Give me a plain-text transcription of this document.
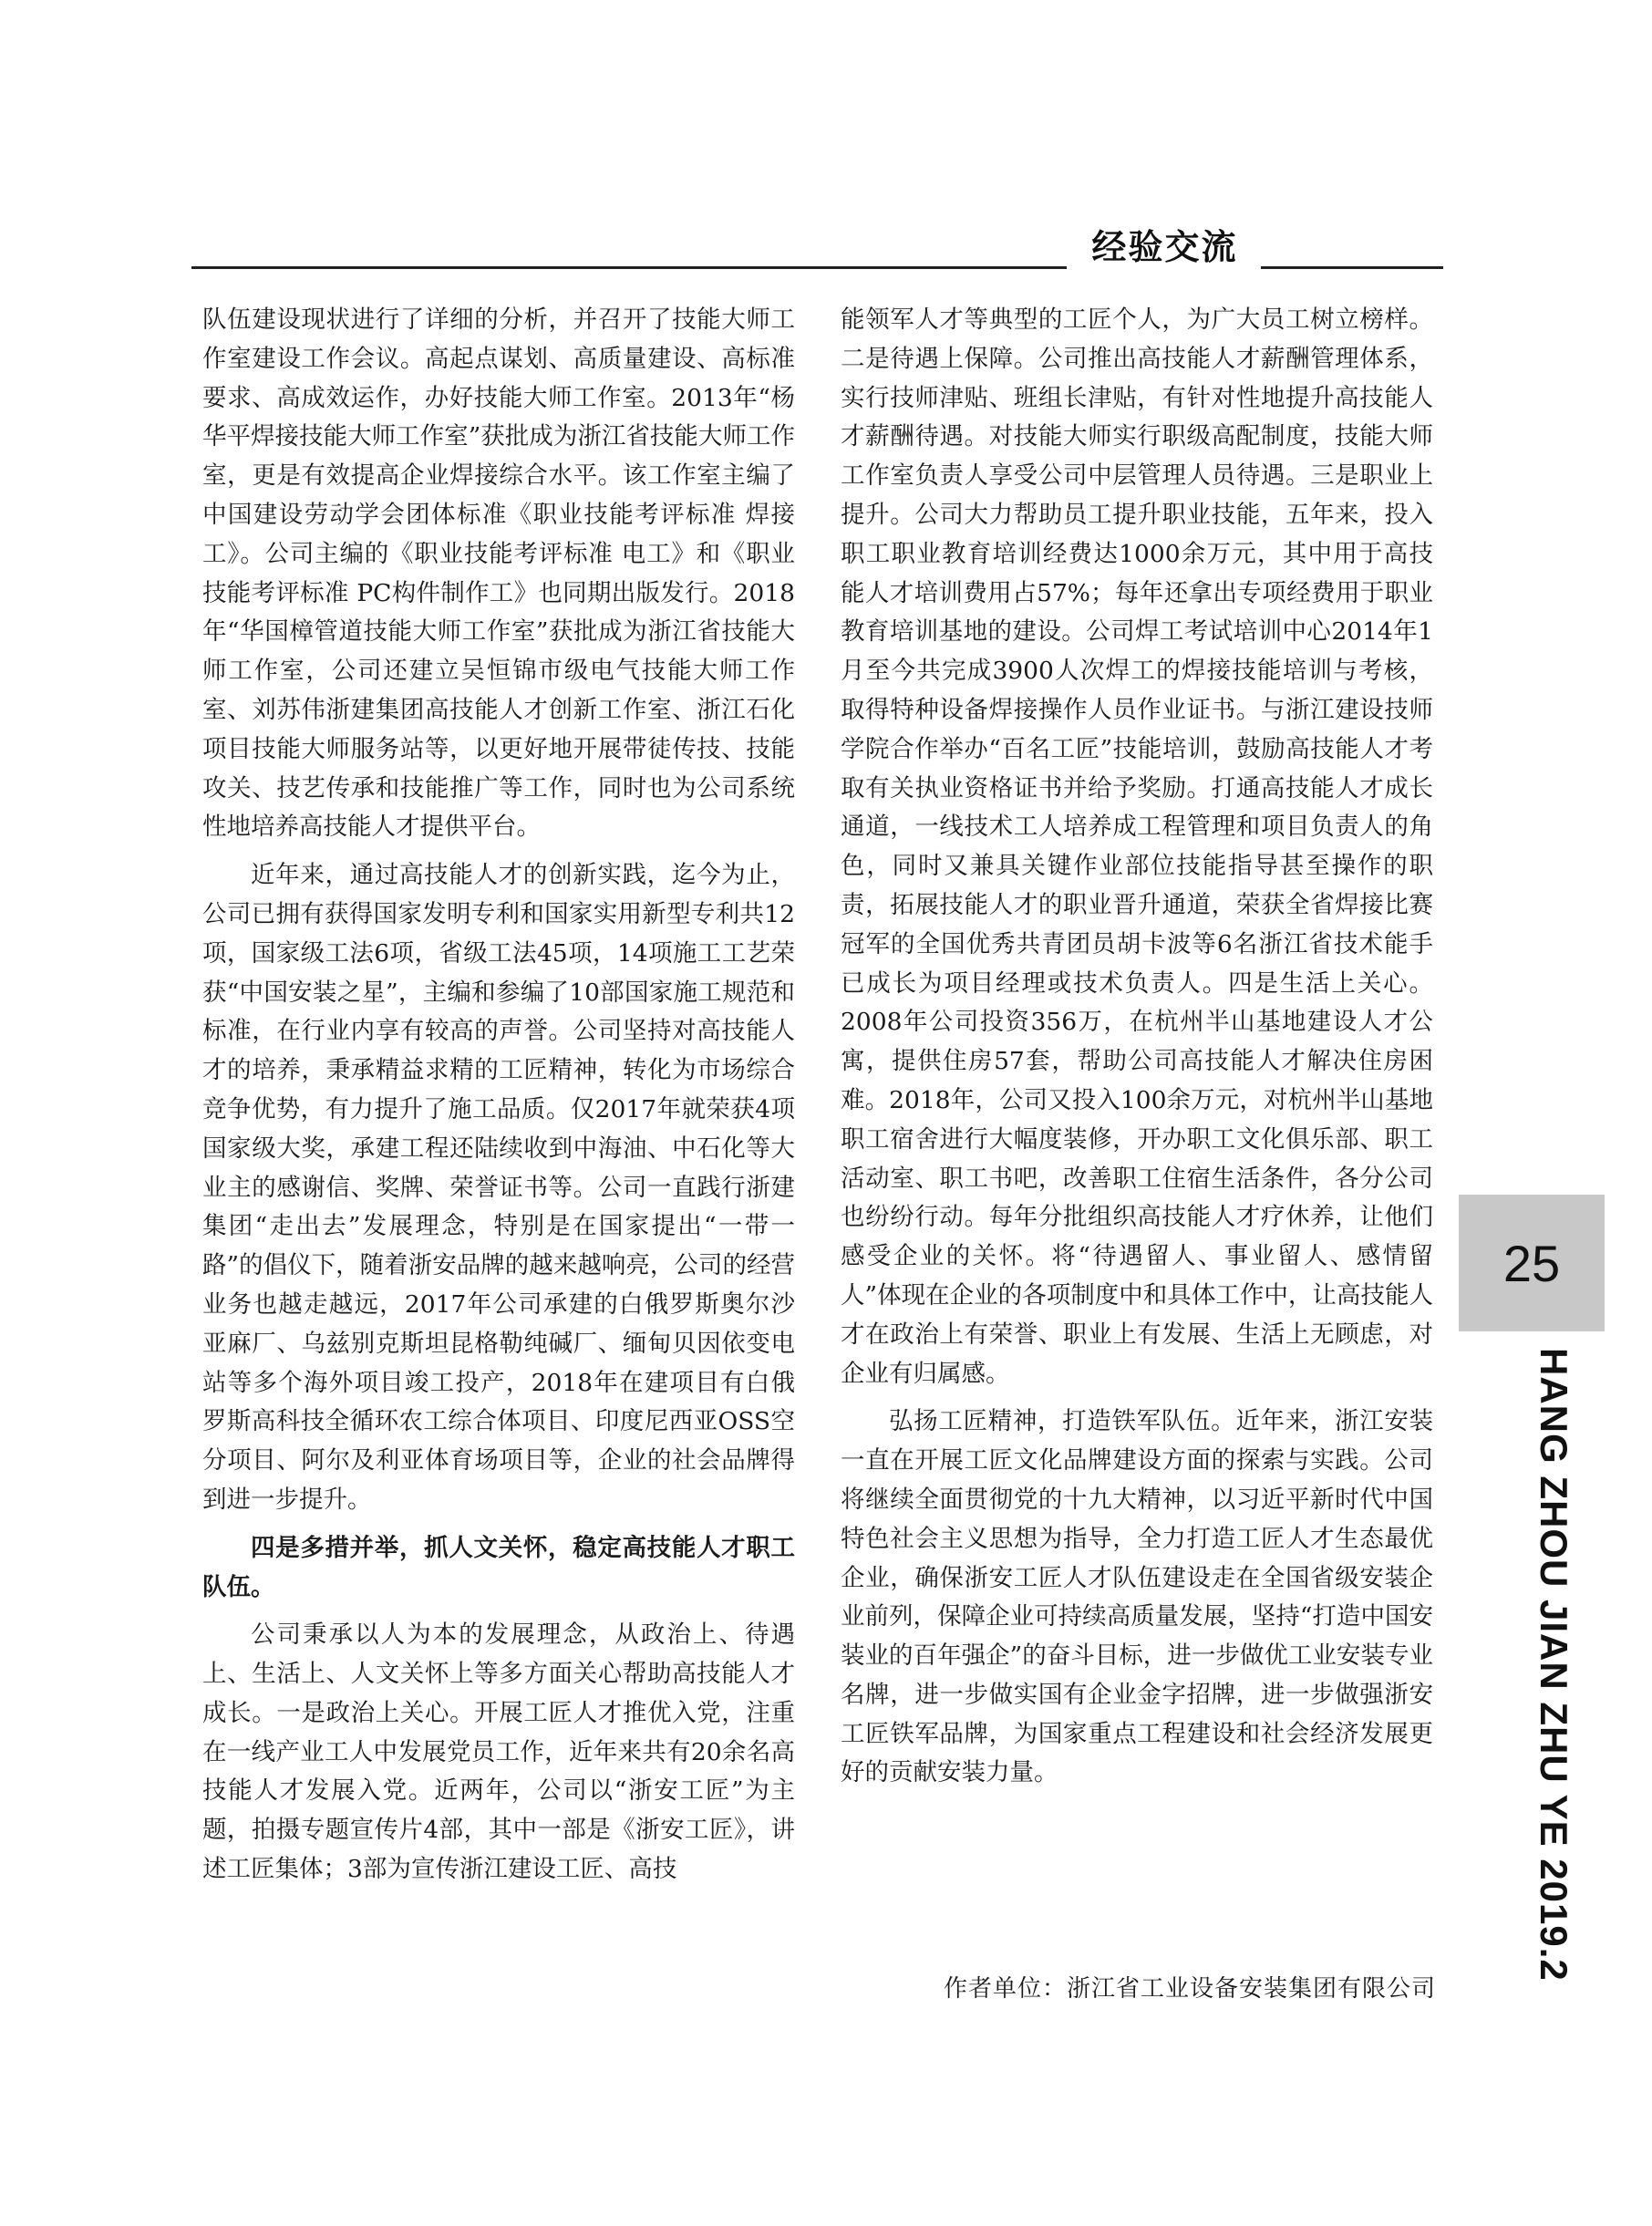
经验交流

队伍建设现状进行了详细的分析，并召开了技能大师工作室建设工作会议。高起点谋划、高质量建设、高标准要求、高成效运作，办好技能大师工作室。2013年“杨华平焊接技能大师工作室”获批成为浙江省技能大师工作室，更是有效提高企业焊接综合水平。该工作室主编了中国建设劳动学会团体标准《职业技能考评标准 焊接工》。公司主编的《职业技能考评标准 电工》和《职业技能考评标准 PC构件制作工》也同期出版发行。2018年“华国樟管道技能大师工作室”获批成为浙江省技能大师工作室，公司还建立吴恒锦市级电气技能大师工作室、刘苏伟浙建集团高技能人才创新工作室、浙江石化项目技能大师服务站等，以更好地开展带徒传技、技能攻关、技艺传承和技能推广等工作，同时也为公司系统性地培养高技能人才提供平台。

近年来，通过高技能人才的创新实践，迄今为止，公司已拥有获得国家发明专利和国家实用新型专利共12项，国家级工法6项，省级工法45项，14项施工工艺荣获“中国安装之星”，主编和参编了10部国家施工规范和标准，在行业内享有较高的声誉。公司坚持对高技能人才的培养，秉承精益求精的工匠精神，转化为市场综合竞争优势，有力提升了施工品质。仅2017年就荣获4项国家级大奖，承建工程还陆续收到中海油、中石化等大业主的感谢信、奖牌、荣誉证书等。公司一直践行浙建集团“走出去”发展理念，特别是在国家提出“一带一路”的倡仪下，随着浙安品牌的越来越响亮，公司的经营业务也越走越远，2017年公司承建的白俄罗斯奥尔沙亚麻厂、乌兹别克斯坦昆格勒纯碱厂、缅甸贝因依变电站等多个海外项目竣工投产，2018年在建项目有白俄罗斯高科技全循环农工综合体项目、印度尼西亚OSS空分项目、阿尔及利亚体育场项目等，企业的社会品牌得到进一步提升。

四是多措并举，抓人文关怀，稳定高技能人才职工队伍。

公司秉承以人为本的发展理念，从政治上、待遇上、生活上、人文关怀上等多方面关心帮助高技能人才成长。一是政治上关心。开展工匠人才推优入党，注重在一线产业工人中发展党员工作，近年来共有20余名高技能人才发展入党。近两年，公司以“浙安工匠”为主题，拍摄专题宣传片4部，其中一部是《浙安工匠》，讲述工匠集体；3部为宣传浙江建设工匠、高技

能领军人才等典型的工匠个人，为广大员工树立榜样。二是待遇上保障。公司推出高技能人才薪酬管理体系，实行技师津贴、班组长津贴，有针对性地提升高技能人才薪酬待遇。对技能大师实行职级高配制度，技能大师工作室负责人享受公司中层管理人员待遇。三是职业上提升。公司大力帮助员工提升职业技能，五年来，投入职工职业教育培训经费达1000余万元，其中用于高技能人才培训费用占57%；每年还拿出专项经费用于职业教育培训基地的建设。公司焊工考试培训中心2014年1月至今共完成3900人次焊工的焊接技能培训与考核，取得特种设备焊接操作人员作业证书。与浙江建设技师学院合作举办“百名工匠”技能培训，鼓励高技能人才考取有关执业资格证书并给予奖励。打通高技能人才成长通道，一线技术工人培养成工程管理和项目负责人的角色，同时又兼具关键作业部位技能指导甚至操作的职责，拓展技能人才的职业晋升通道，荣获全省焊接比赛冠军的全国优秀共青团员胡卡波等6名浙江省技术能手已成长为项目经理或技术负责人。四是生活上关心。2008年公司投资356万，在杭州半山基地建设人才公寓，提供住房57套，帮助公司高技能人才解决住房困难。2018年，公司又投入100余万元，对杭州半山基地职工宿舍进行大幅度装修，开办职工文化俱乐部、职工活动室、职工书吧，改善职工住宿生活条件，各分公司也纷纷行动。每年分批组织高技能人才疗休养，让他们感受企业的关怀。将“待遇留人、事业留人、感情留人”体现在企业的各项制度中和具体工作中，让高技能人才在政治上有荣誉、职业上有发展、生活上无顾虑，对企业有归属感。

弘扬工匠精神，打造铁军队伍。近年来，浙江安装一直在开展工匠文化品牌建设方面的探索与实践。公司将继续全面贯彻党的十九大精神，以习近平新时代中国特色社会主义思想为指导，全力打造工匠人才生态最优企业，确保浙安工匠人才队伍建设走在全国省级安装企业前列，保障企业可持续高质量发展，坚持“打造中国安装业的百年强企”的奋斗目标，进一步做优工业安装专业名牌，进一步做实国有企业金字招牌，进一步做强浙安工匠铁军品牌，为国家重点工程建设和社会经济发展更好的贡献安装力量。

作者单位：浙江省工业设备安装集团有限公司
25
HANG ZHOU JIAN ZHU YE 2019.2
